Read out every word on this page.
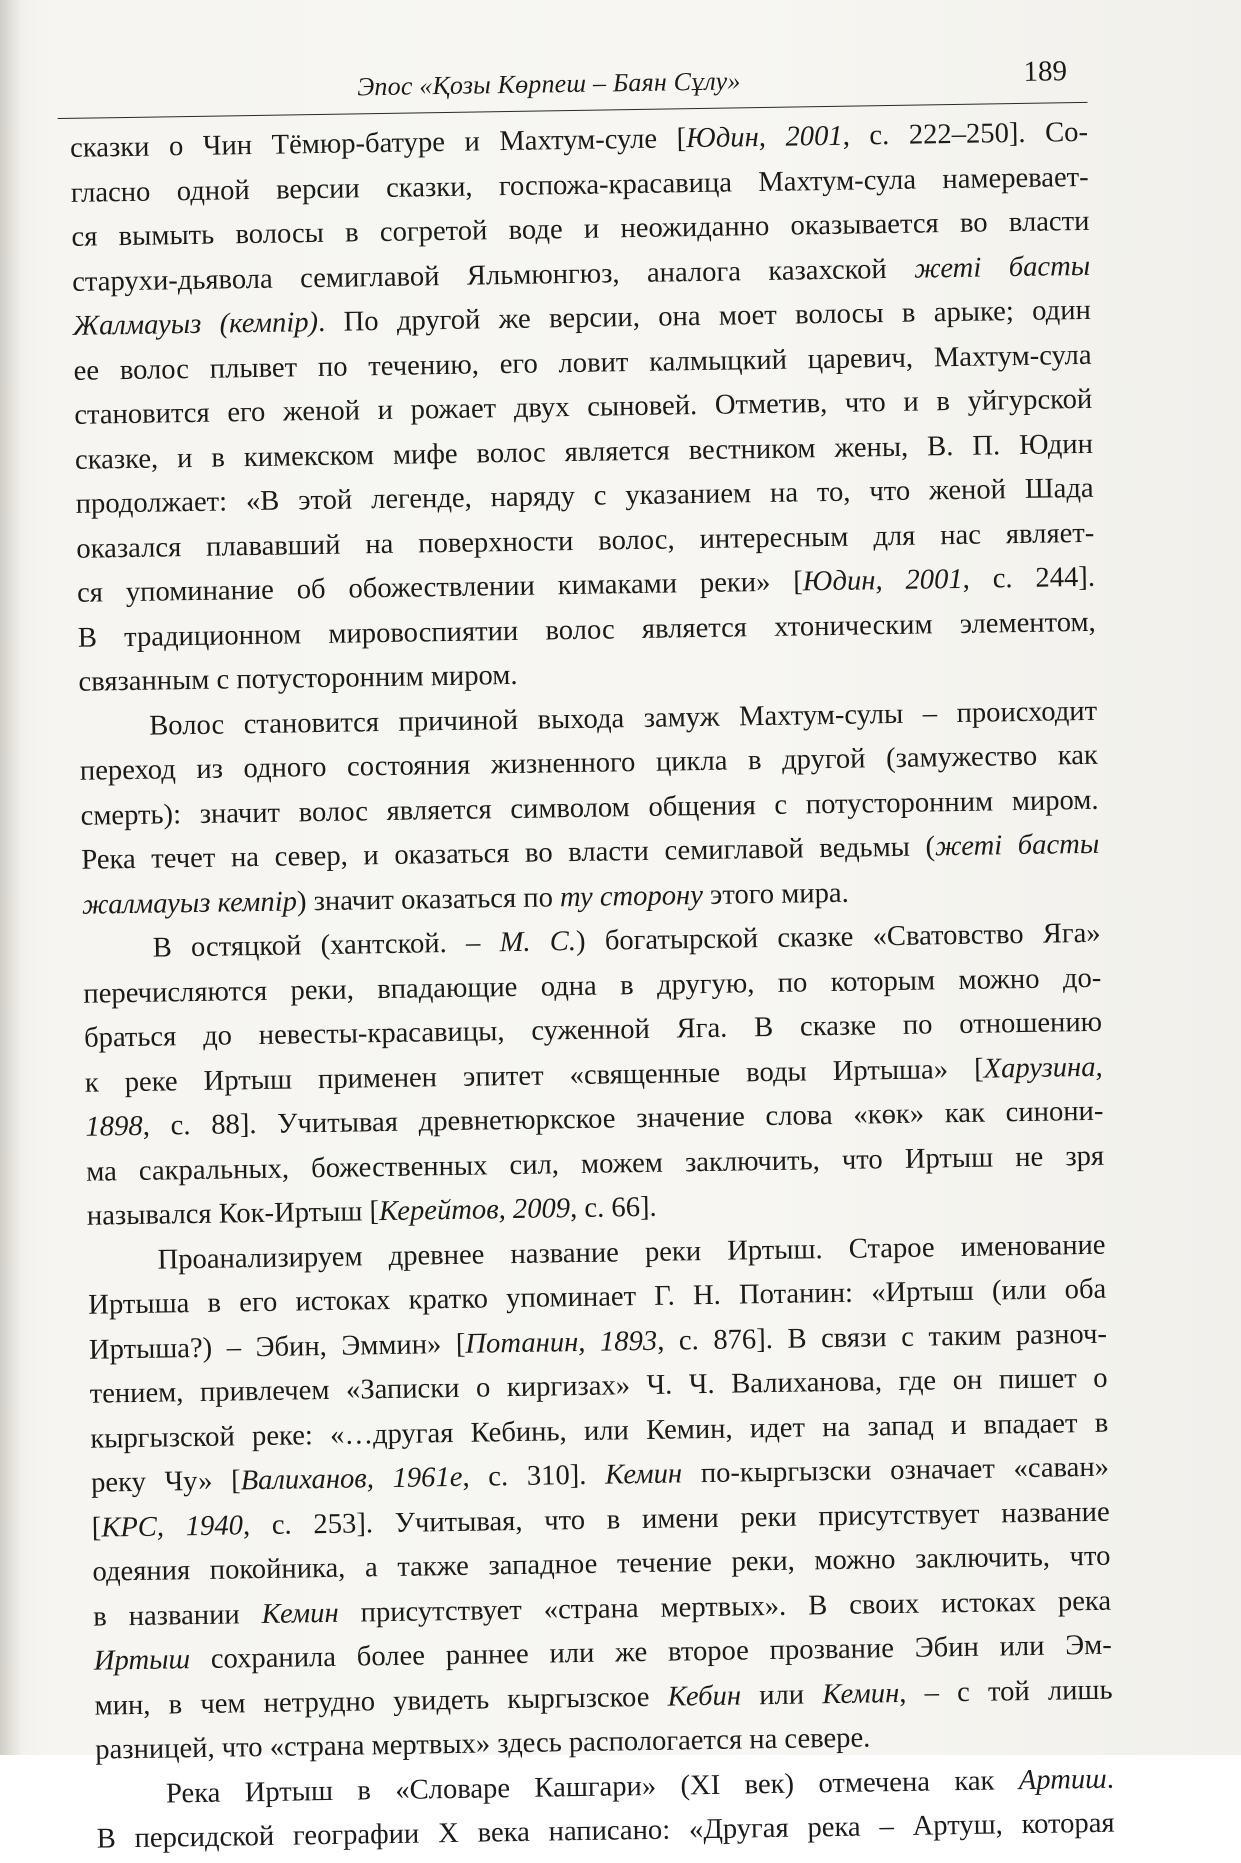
Эпос «Қозы Көрпеш – Баян Сұлу»	189
сказки о Чин Тёмюр-батуре и Махтум-суле [Юдин, 2001, с. 222–250]. Со-
гласно одной версии сказки, госпожа-красавица Махтум-сула намеревает-
ся вымыть волосы в согретой воде и неожиданно оказывается во власти
старухи-дьявола семиглавой Яльмюнгюз, аналога казахской жеті басты
Жалмауыз (кемпір). По другой же версии, она моет волосы в арыке; один
ее волос плывет по течению, его ловит калмыцкий царевич, Махтум-сула
становится его женой и рожает двух сыновей. Отметив, что и в уйгурской
сказке, и в кимекском мифе волос является вестником жены, В. П. Юдин
продолжает: «В этой легенде, наряду с указанием на то, что женой Шада
оказался плававший на поверхности волос, интересным для нас являет-
ся упоминание об обожествлении кимаками реки» [Юдин, 2001, с. 244].
В традиционном мировоспиятии волос является хтоническим элементом,
связанным с потусторонним миром.
Волос становится причиной выхода замуж Махтум-сулы – происходит
переход из одного состояния жизненного цикла в другой (замужество как
смерть): значит волос является символом общения с потусторонним миром.
Река течет на север, и оказаться во власти семиглавой ведьмы (жеті басты
жалмауыз кемпір) значит оказаться по ту сторону этого мира.
В остяцкой (хантской. – М. С.) богатырской сказке «Сватовство Яга»
перечисляются реки, впадающие одна в другую, по которым можно до-
браться до невесты-красавицы, суженной Яга. В сказке по отношению
к реке Иртыш применен эпитет «священные воды Иртыша» [Харузина,
1898, с. 88]. Учитывая древнетюркское значение слова «көк» как синони-
ма сакральных, божественных сил, можем заключить, что Иртыш не зря
назывался Кок-Иртыш [Керейтов, 2009, с. 66].
Проанализируем древнее название реки Иртыш. Старое именование
Иртыша в его истоках кратко упоминает Г. Н. Потанин: «Иртыш (или оба
Иртыша?) – Эбин, Эммин» [Потанин, 1893, с. 876]. В связи с таким разноч-
тением, привлечем «Записки о киргизах» Ч. Ч. Валиханова, где он пишет о
кыргызской реке: «…другая Кебинь, или Кемин, идет на запад и впадает в
реку Чу» [Валиханов, 1961е, с. 310]. Кемин по-кыргызски означает «саван»
[КРС, 1940, с. 253]. Учитывая, что в имени реки присутствует название
одеяния покойника, а также западное течение реки, можно заключить, что
в названии Кемин присутствует «страна мертвых». В своих истоках река
Иртыш сохранила более раннее или же второе прозвание Эбин или Эм-
мин, в чем нетрудно увидеть кыргызское Кебин или Кемин, – с той лишь
разницей, что «страна мертвых» здесь распологается на севере.
Река Иртыш в «Словаре Кашгари» (XI век) отмечена как Артиш.
В персидской географии X века написано: «Другая река – Артуш, которая
